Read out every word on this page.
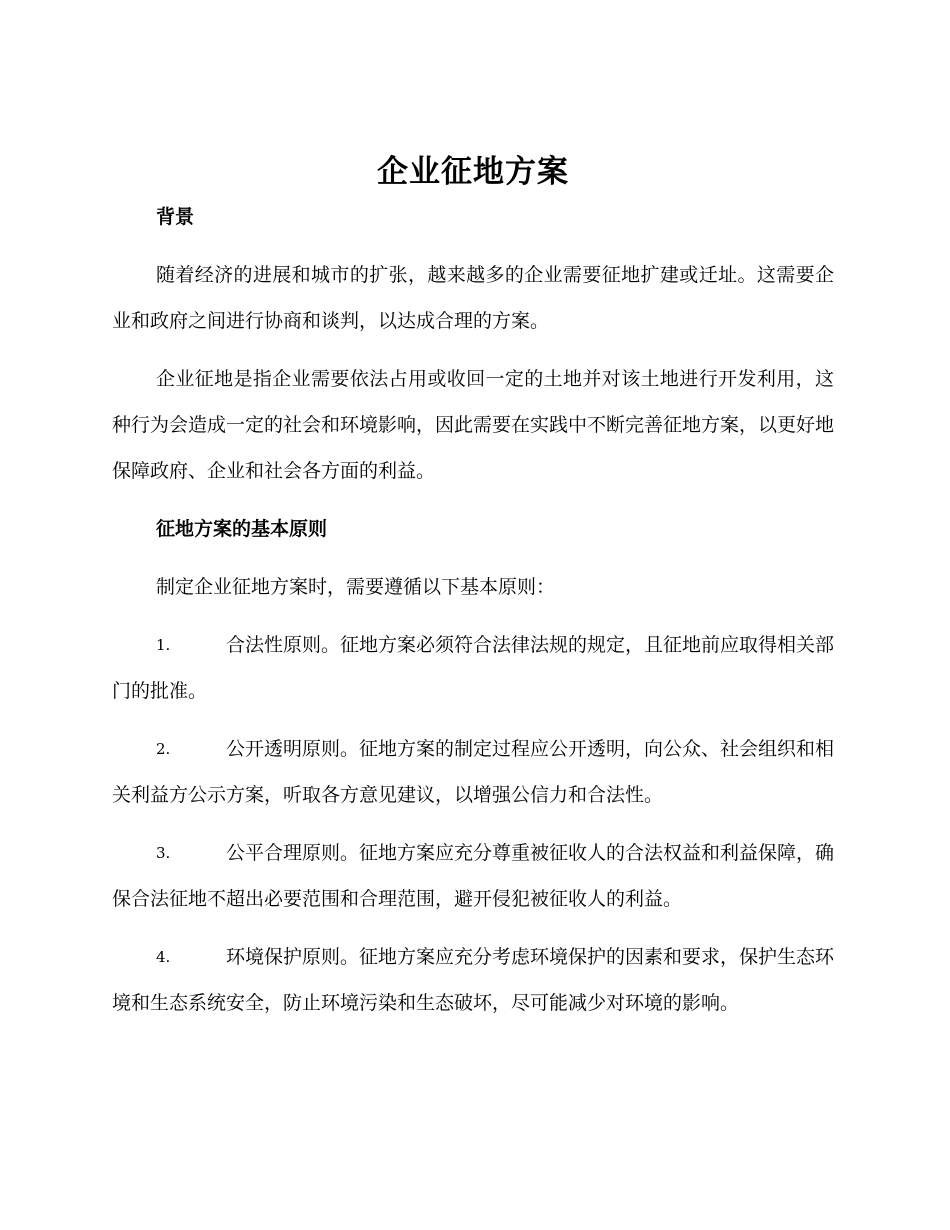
企业征地方案

背景

随着经济的进展和城市的扩张，越来越多的企业需要征地扩建或迁址。这需要企业和政府之间进行协商和谈判，以达成合理的方案。

企业征地是指企业需要依法占用或收回一定的土地并对该土地进行开发利用，这种行为会造成一定的社会和环境影响，因此需要在实践中不断完善征地方案，以更好地保障政府、企业和社会各方面的利益。

征地方案的基本原则

制定企业征地方案时，需要遵循以下基本原则：

1.	合法性原则。征地方案必须符合法律法规的规定，且征地前应取得相关部门的批准。

2.	公开透明原则。征地方案的制定过程应公开透明，向公众、社会组织和相关利益方公示方案，听取各方意见建议，以增强公信力和合法性。

3.	公平合理原则。征地方案应充分尊重被征收人的合法权益和利益保障，确保合法征地不超出必要范围和合理范围，避开侵犯被征收人的利益。

4.	环境保护原则。征地方案应充分考虑环境保护的因素和要求，保护生态环境和生态系统安全，防止环境污染和生态破坏，尽可能减少对环境的影响。
